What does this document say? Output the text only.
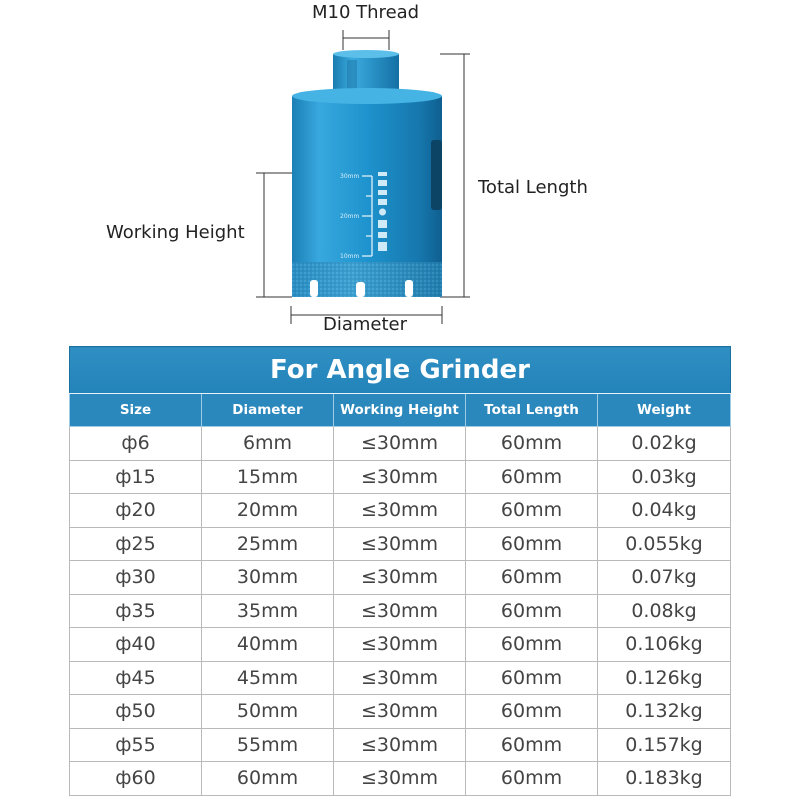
30mm
20mm
10mm
M10 Thread
Total Length
Working Height
Diameter
For Angle Grinder				
Size	Diameter	Working Height	Total Length	Weight
ф6	6mm	≤30mm	60mm	0.02kg
ф15	15mm	≤30mm	60mm	0.03kg
ф20	20mm	≤30mm	60mm	0.04kg
ф25	25mm	≤30mm	60mm	0.055kg
ф30	30mm	≤30mm	60mm	0.07kg
ф35	35mm	≤30mm	60mm	0.08kg
ф40	40mm	≤30mm	60mm	0.106kg
ф45	45mm	≤30mm	60mm	0.126kg
ф50	50mm	≤30mm	60mm	0.132kg
ф55	55mm	≤30mm	60mm	0.157kg
ф60	60mm	≤30mm	60mm	0.183kg
